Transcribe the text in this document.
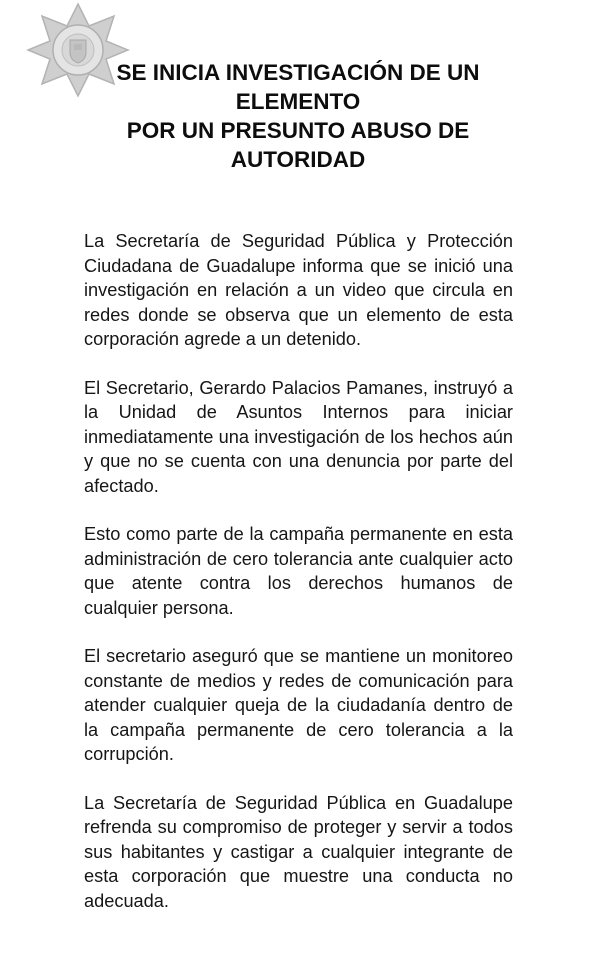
SE INICIA INVESTIGACIÓN DE UN
ELEMENTO
POR UN PRESUNTO ABUSO DE
AUTORIDAD

La Secretaría de Seguridad Pública y Protección Ciudadana de Guadalupe informa que se inició una investigación en relación a un video que circula en redes donde se observa que un elemento de esta corporación agrede a un detenido.

El Secretario, Gerardo Palacios Pamanes, instruyó a la Unidad de Asuntos Internos para iniciar inmediatamente una investigación de los hechos aún y que no se cuenta con una denuncia por parte del afectado.

Esto como parte de la campaña permanente en esta administración de cero tolerancia ante cualquier acto que atente contra los derechos humanos de cualquier persona.

El secretario aseguró que se mantiene un monitoreo constante de medios y redes de comunicación para atender cualquier queja de la ciudadanía dentro de la campaña permanente de cero tolerancia a la corrupción.

La Secretaría de Seguridad Pública en Guadalupe refrenda su compromiso de proteger y servir a todos sus habitantes y castigar a cualquier integrante de esta corporación que muestre una conducta no adecuada.
